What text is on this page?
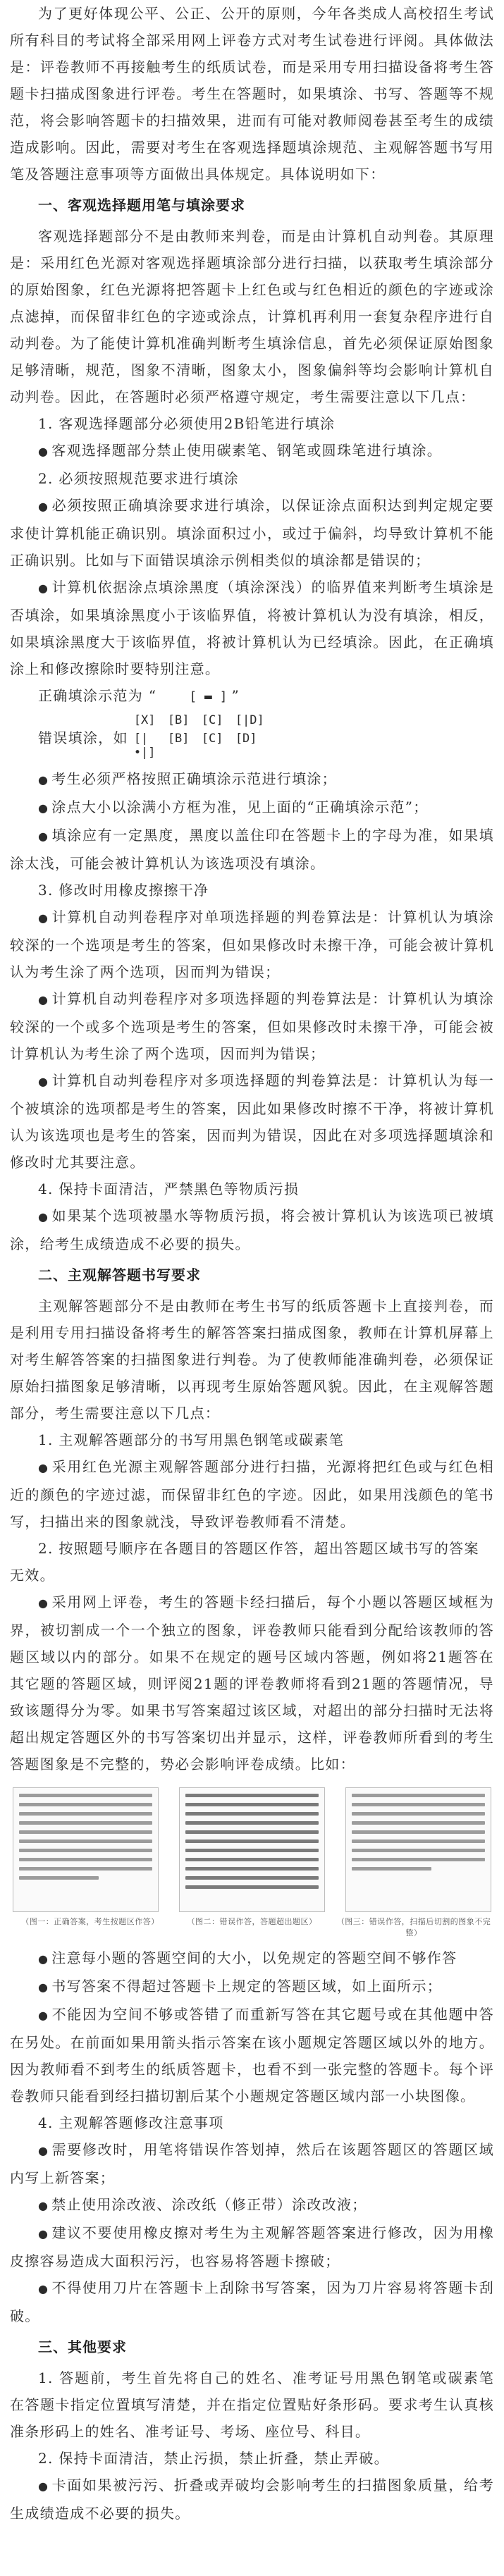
为了更好体现公平、公正、公开的原则，今年各类成人高校招生考试所有科目的考试将全部采用网上评卷方式对考生试卷进行评阅。具体做法是：评卷教师不再接触考生的纸质试卷，而是采用专用扫描设备将考生答题卡扫描成图象进行评卷。考生在答题时，如果填涂、书写、答题等不规范，将会影响答题卡的扫描效果，进而有可能对教师阅卷甚至考生的成绩造成影响。因此，需要对考生在客观选择题填涂规范、主观解答题书写用笔及答题注意事项等方面做出具体规定。具体说明如下：

一、客观选择题用笔与填涂要求

客观选择题部分不是由教师来判卷，而是由计算机自动判卷。其原理是：采用红色光源对客观选择题填涂部分进行扫描，以获取考生填涂部分的原始图象，红色光源将把答题卡上红色或与红色相近的颜色的字迹或涂点滤掉，而保留非红色的字迹或涂点，计算机再利用一套复杂程序进行自动判卷。为了能使计算机准确判断考生填涂信息，首先必须保证原始图象足够清晰，规范，图象不清晰，图象太小，图象偏斜等均会影响计算机自动判卷。因此，在答题时必须严格遵守规定，考生需要注意以下几点：

1. 客观选择题部分必须使用2B铅笔进行填涂

● 客观选择题部分禁止使用碳素笔、钢笔或圆珠笔进行填涂。

2. 必须按照规范要求进行填涂

● 必须按照正确填涂要求进行填涂，以保证涂点面积达到判定规定要求使计算机能正确识别。填涂面积过小，或过于偏斜，均导致计算机不能正确识别。比如与下面错误填涂示例相类似的填涂都是错误的；

● 计算机依据涂点填涂黑度（填涂深浅）的临界值来判断考生填涂是否填涂，如果填涂黑度小于该临界值，将被计算机认为没有填涂，相反，如果填涂黑度大于该临界值，将被计算机认为已经填涂。因此，在正确填涂上和修改擦除时要特别注意。

正确填涂示范为 “	[ ▬ ] ”
错误填涂，如
[X]	[B]	[C]	[|D]
[|•|]
[B]	[C]	[D]

● 考生必须严格按照正确填涂示范进行填涂；

● 涂点大小以涂满小方框为准，见上面的“正确填涂示范”；

● 填涂应有一定黑度，黑度以盖住印在答题卡上的字母为准，如果填涂太浅，可能会被计算机认为该选项没有填涂。

3. 修改时用橡皮擦擦干净

● 计算机自动判卷程序对单项选择题的判卷算法是：计算机认为填涂较深的一个选项是考生的答案，但如果修改时未擦干净，可能会被计算机认为考生涂了两个选项，因而判为错误；

● 计算机自动判卷程序对多项选择题的判卷算法是：计算机认为填涂较深的一个或多个选项是考生的答案，但如果修改时未擦干净，可能会被计算机认为考生涂了两个选项，因而判为错误；

● 计算机自动判卷程序对多项选择题的判卷算法是：计算机认为每一个被填涂的选项都是考生的答案，因此如果修改时擦不干净，将被计算机认为该选项也是考生的答案，因而判为错误，因此在对多项选择题填涂和修改时尤其要注意。

4. 保持卡面清洁，严禁黑色等物质污损

● 如果某个选项被墨水等物质污损，将会被计算机认为该选项已被填涂，给考生成绩造成不必要的损失。

二、主观解答题书写要求

主观解答题部分不是由教师在考生书写的纸质答题卡上直接判卷，而是利用专用扫描设备将考生的解答答案扫描成图象，教师在计算机屏幕上对考生解答答案的扫描图象进行判卷。为了使教师能准确判卷，必须保证原始扫描图象足够清晰，以再现考生原始答题风貌。因此，在主观解答题部分，考生需要注意以下几点：

1. 主观解答题部分的书写用黑色钢笔或碳素笔

● 采用红色光源主观解答题部分进行扫描，光源将把红色或与红色相近的颜色的字迹过滤，而保留非红色的字迹。因此，如果用浅颜色的笔书写，扫描出来的图象就浅，导致评卷教师看不清楚。

2. 按照题号顺序在各题目的答题区作答，超出答题区域书写的答案无效。

● 采用网上评卷，考生的答题卡经扫描后，每个小题以答题区域框为界，被切割成一个一个独立的图象，评卷教师只能看到分配给该教师的答题区域以内的部分。如果不在规定的题号区域内答题，例如将21题答在其它题的答题区域，则评阅21题的评卷教师将看到21题的答题情况，导致该题得分为零。如果书写答案超过该区域，对超出的部分扫描时无法将超出规定答题区外的书写答案切出并显示，这样，评卷教师所看到的考生答题图象是不完整的，势必会影响评卷成绩。比如：

（图一：正确答案，考生按题区作答）	（图二：错误作答，答题超出题区）	（图三：错误作答，扫描后切割的图象不完整）

● 注意每小题的答题空间的大小，以免规定的答题空间不够作答

● 书写答案不得超过答题卡上规定的答题区域，如上面所示；

● 不能因为空间不够或答错了而重新写答在其它题号或在其他题中答在另处。在前面如果用箭头指示答案在该小题规定答题区域以外的地方。因为教师看不到考生的纸质答题卡，也看不到一张完整的答题卡。每个评卷教师只能看到经扫描切割后某个小题规定答题区域内部一小块图像。

4. 主观解答题修改注意事项

● 需要修改时，用笔将错误作答划掉，然后在该题答题区的答题区域内写上新答案；

● 禁止使用涂改液、涂改纸（修正带）涂改改液；

● 建议不要使用橡皮擦对考生为主观解答题答案进行修改，因为用橡皮擦容易造成大面积污污，也容易将答题卡擦破；

● 不得使用刀片在答题卡上刮除书写答案，因为刀片容易将答题卡刮破。

三、其他要求

1. 答题前，考生首先将自己的姓名、准考证号用黑色钢笔或碳素笔在答题卡指定位置填写清楚，并在指定位置贴好条形码。要求考生认真核准条形码上的姓名、准考证号、考场、座位号、科目。

2. 保持卡面清洁，禁止污损，禁止折叠，禁止弄破。

● 卡面如果被污污、折叠或弄破均会影响考生的扫描图象质量，给考生成绩造成不必要的损失。
